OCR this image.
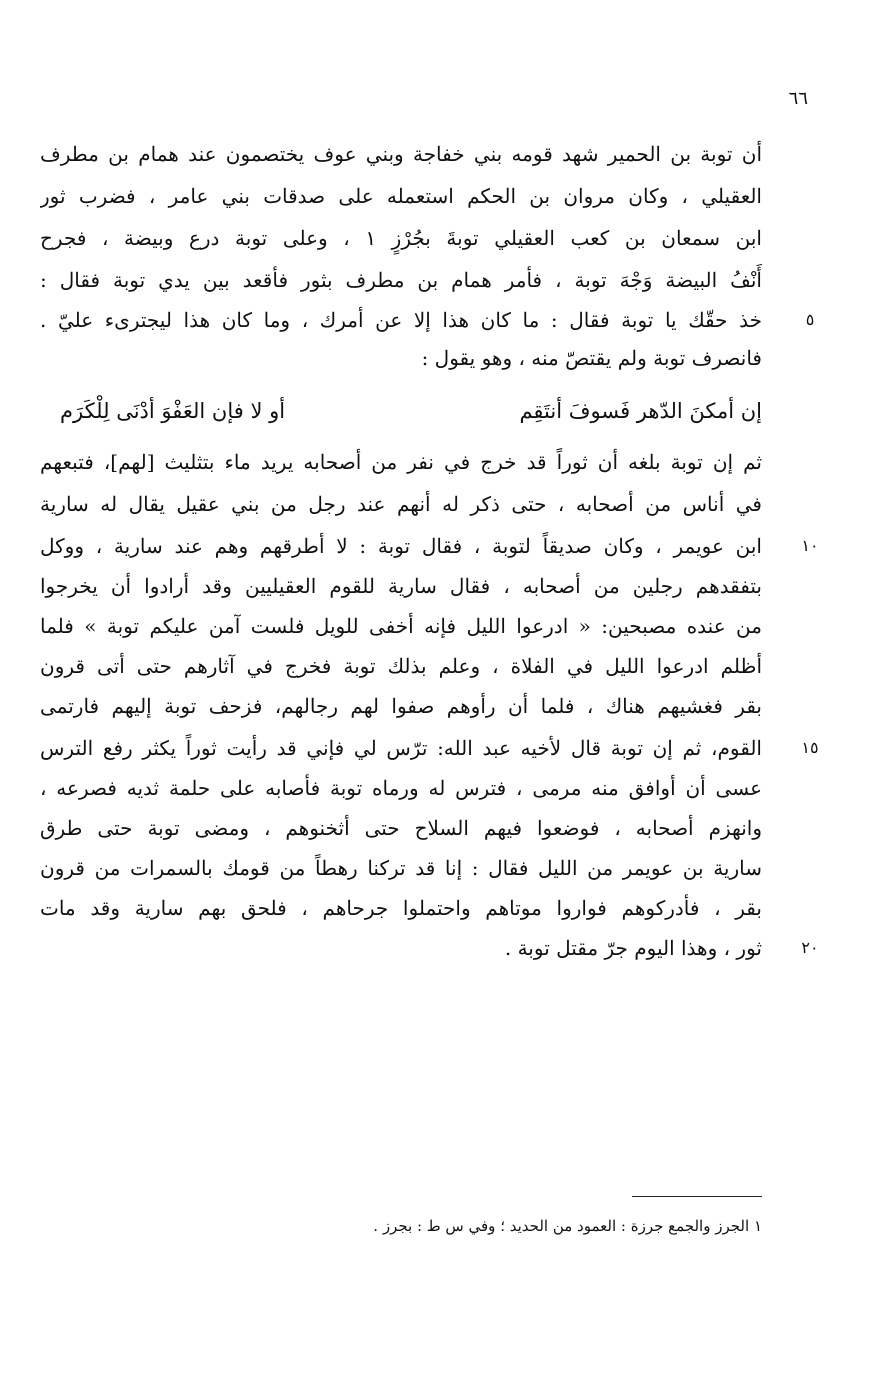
٦٦
أن توبة بن الحمير شهد قومه بني خفاجة وبني عوف يختصمون عند همام بن مطرف
العقيلي ، وكان مروان بن الحكم استعمله على صدقات بني عامر ، فضرب ثور
ابن سمعان بن كعب العقيلي توبةَ بجُرْزٍ ١ ، وعلى توبة درع وبيضة ، فجرح
أَنْفُ البيضة وَجْهَ توبة ، فأمر همام بن مطرف بثور فأقعد بين يدي توبة فقال :
خذ حقّك يا توبة فقال : ما كان هذا إلا عن أمرك ، وما كان هذا ليجترىء عليّ .
فانصرف توبة ولم يقتصّ منه ، وهو يقول :
٥
إن أمكنَ الدّهر فَسوفَ أنتَقِم
أو لا فإن العَفْوَ أدْنَى لِلْكَرَم
ثم إن توبة بلغه أن ثوراً قد خرج في نفر من أصحابه يريد ماء بتثليث [لهم]، فتبعهم
في أناس من أصحابه ، حتى ذكر له أنهم عند رجل من بني عقيل يقال له سارية
ابن عويمر ، وكان صديقاً لتوبة ، فقال توبة : لا أطرقهم وهم عند سارية ، ووكل
بتفقدهم رجلين من أصحابه ، فقال سارية للقوم العقيليين وقد أرادوا أن يخرجوا
من عنده مصبحين: « ادرعوا الليل فإنه أخفى للويل فلست آمن عليكم توبة » فلما
أظلم ادرعوا الليل في الفلاة ، وعلم بذلك توبة فخرج في آثارهم حتى أتى قرون
بقر فغشيهم هناك ، فلما أن رأوهم صفوا لهم رجالهم، فزحف توبة إليهم فارتمى
القوم، ثم إن توبة قال لأخيه عبد الله: ترّس لي فإني قد رأيت ثوراً يكثر رفع الترس
عسى أن أوافق منه مرمى ، فترس له ورماه توبة فأصابه على حلمة ثديه فصرعه ،
وانهزم أصحابه ، فوضعوا فيهم السلاح حتى أثخنوهم ، ومضى توبة حتى طرق
سارية بن عويمر من الليل فقال : إنا قد تركنا رهطاً من قومك بالسمرات من قرون
بقر ، فأدركوهم فواروا موتاهم واحتملوا جرحاهم ، فلحق بهم سارية وقد مات
ثور ، وهذا اليوم جرّ مقتل توبة .
١٠
١٥
٢٠
١ الجرز والجمع جرزة : العمود من الحديد ؛ وفي س ط : بجرز .
